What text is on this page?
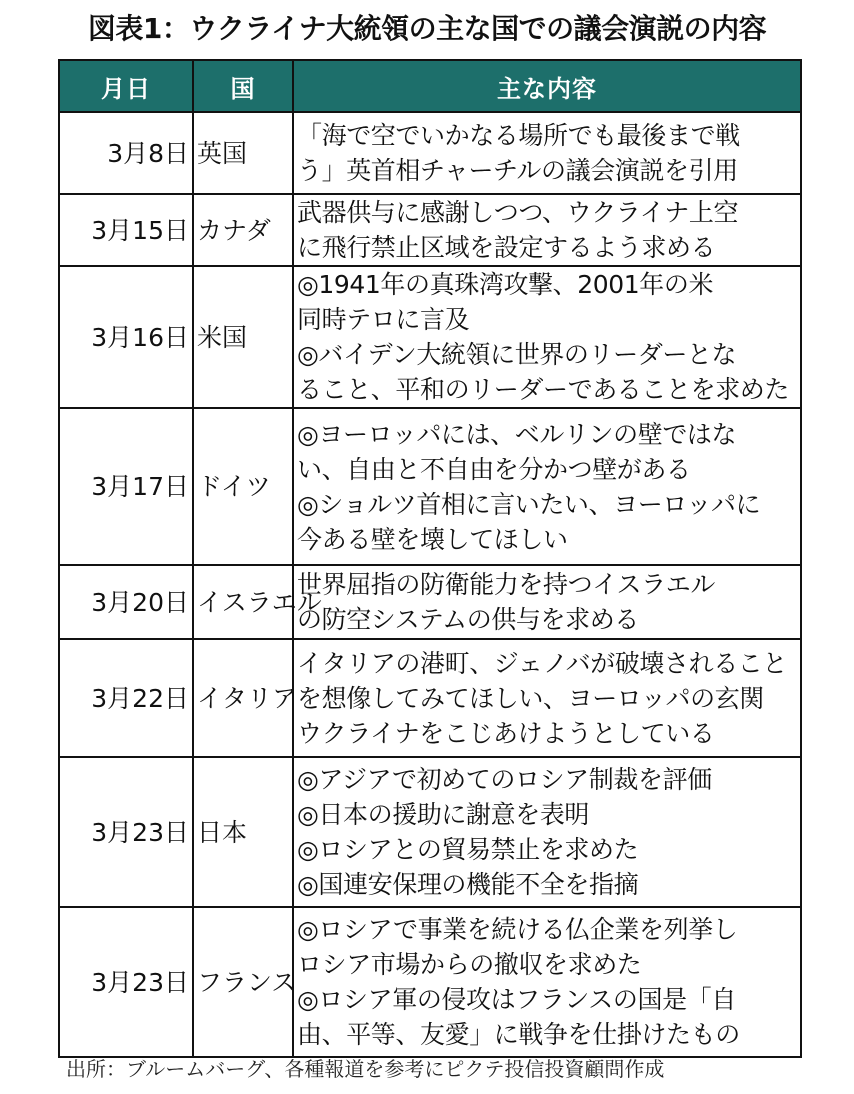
図表1：ウクライナ大統領の主な国での議会演説の内容
月日	国	主な内容
3月8日	英国	「海で空でいかなる場所でも最後まで戦
う」英首相チャーチルの議会演説を引用

3月15日	カナダ	武器供与に感謝しつつ、ウクライナ上空
に飛行禁止区域を設定するよう求める

3月16日	米国	◎1941年の真珠湾攻撃、2001年の米
同時テロに言及
◎バイデン大統領に世界のリーダーとな
ること、平和のリーダーであることを求めた

3月17日	ドイツ	◎ヨーロッパには、ベルリンの壁ではな
い、自由と不自由を分かつ壁がある
◎ショルツ首相に言いたい、ヨーロッパに
今ある壁を壊してほしい

3月20日	イスラエル	世界屈指の防衛能力を持つイスラエル
の防空システムの供与を求める

3月22日	イタリア	イタリアの港町、ジェノバが破壊されること
を想像してみてほしい、ヨーロッパの玄関
ウクライナをこじあけようとしている

3月23日	日本	◎アジアで初めてのロシア制裁を評価
◎日本の援助に謝意を表明
◎ロシアとの貿易禁止を求めた
◎国連安保理の機能不全を指摘

3月23日	フランス	◎ロシアで事業を続ける仏企業を列挙し
ロシア市場からの撤収を求めた
◎ロシア軍の侵攻はフランスの国是「自
由、平等、友愛」に戦争を仕掛けたもの
出所：ブルームバーグ、各種報道を参考にピクテ投信投資顧問作成
